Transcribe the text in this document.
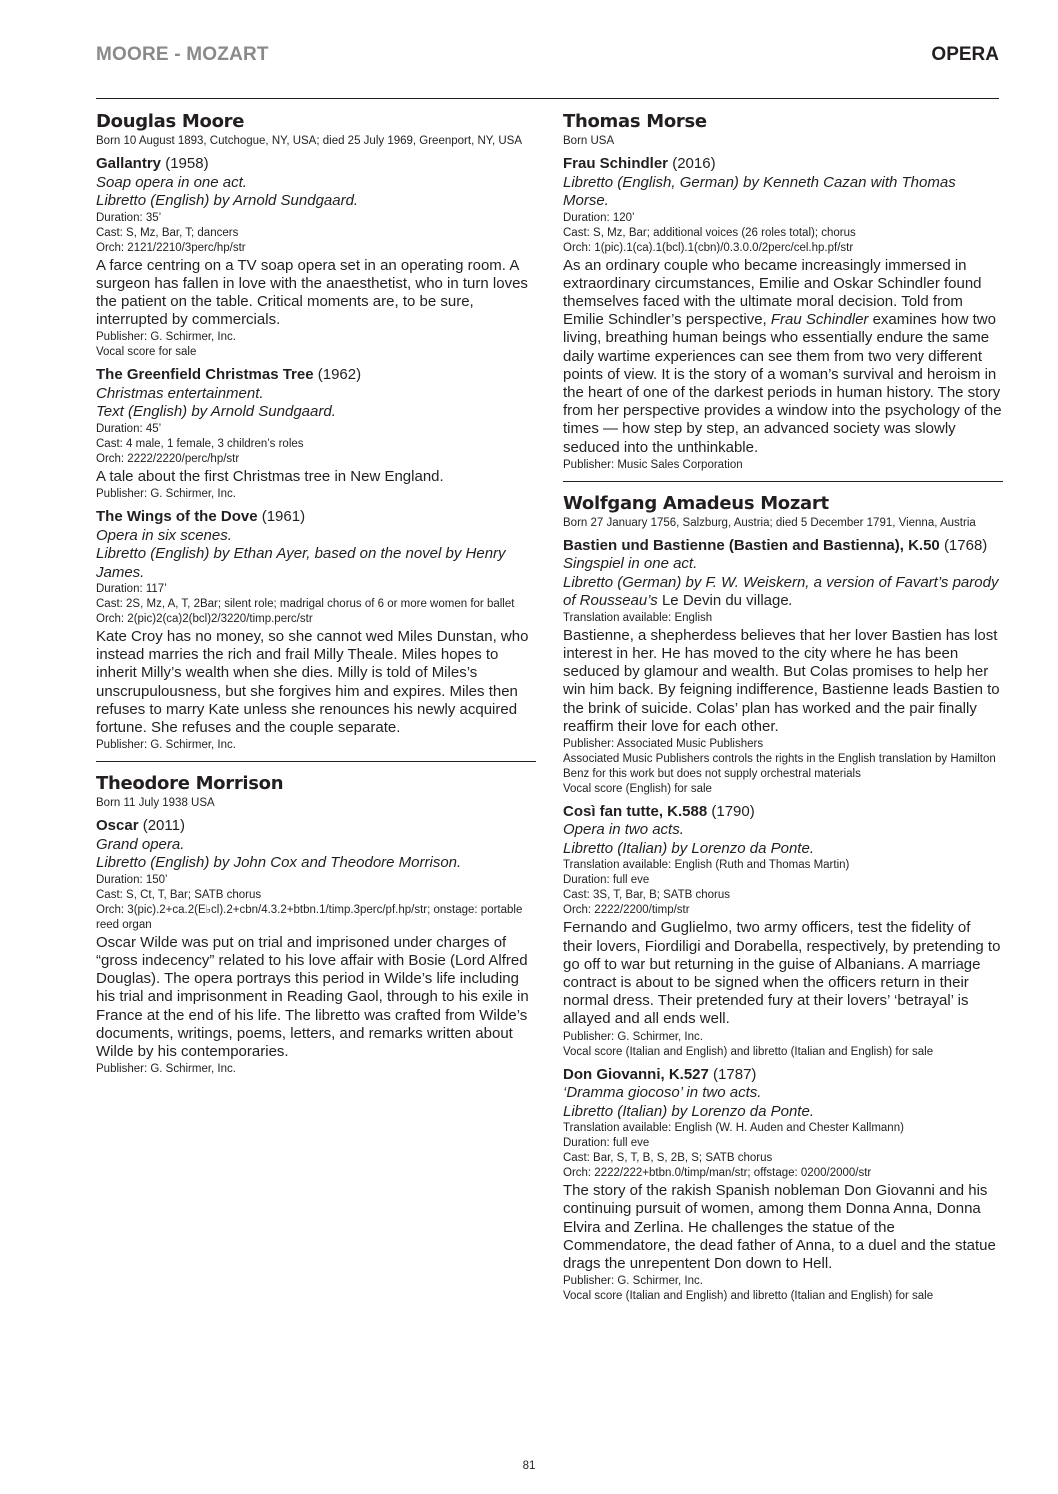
MOORE - MOZART	OPERA
Douglas Moore

Born 10 August 1893, Cutchogue, NY, USA; died 25 July 1969, Greenport, NY, USA

Gallantry (1958)

Soap opera in one act.

Libretto (English) by Arnold Sundgaard.

Duration: 35’

Cast: S, Mz, Bar, T; dancers

Orch: 2121/2210/3perc/hp/str

A farce centring on a TV soap opera set in an operating room. A surgeon has fallen in love with the anaesthetist, who in turn loves the patient on the table. Critical moments are, to be sure, interrupted by commercials.

Publisher: G. Schirmer, Inc.

Vocal score for sale

The Greenfield Christmas Tree (1962)

Christmas entertainment.

Text (English) by Arnold Sundgaard.

Duration: 45’

Cast: 4 male, 1 female, 3 children’s roles

Orch: 2222/2220/perc/hp/str

A tale about the first Christmas tree in New England.

Publisher: G. Schirmer, Inc.

The Wings of the Dove (1961)

Opera in six scenes.

Libretto (English) by Ethan Ayer, based on the novel by Henry James.

Duration: 117’

Cast: 2S, Mz, A, T, 2Bar; silent role; madrigal chorus of 6 or more women for ballet

Orch: 2(pic)2(ca)2(bcl)2/3220/timp.perc/str

Kate Croy has no money, so she cannot wed Miles Dunstan, who instead marries the rich and frail Milly Theale. Miles hopes to inherit Milly’s wealth when she dies. Milly is told of Miles’s unscrupulousness, but she forgives him and expires. Miles then refuses to marry Kate unless she renounces his newly acquired fortune. She refuses and the couple separate.

Publisher: G. Schirmer, Inc.

Theodore Morrison

Born 11 July 1938 USA

Oscar (2011)

Grand opera.

Libretto (English) by John Cox and Theodore Morrison.

Duration: 150’

Cast: S, Ct, T, Bar; SATB chorus

Orch: 3(pic).2+ca.2(E♭cl).2+cbn/4.3.2+btbn.1/timp.3perc/pf.hp/str; onstage: portable reed organ

Oscar Wilde was put on trial and imprisoned under charges of “gross indecency” related to his love affair with Bosie (Lord Alfred Douglas). The opera portrays this period in Wilde’s life including his trial and imprisonment in Reading Gaol, through to his exile in France at the end of his life. The libretto was crafted from Wilde’s documents, writings, poems, letters, and remarks written about Wilde by his contemporaries.

Publisher: G. Schirmer, Inc.

Thomas Morse

Born USA

Frau Schindler (2016)

Libretto (English, German) by Kenneth Cazan with Thomas Morse.

Duration: 120’

Cast: S, Mz, Bar; additional voices (26 roles total); chorus

Orch: 1(pic).1(ca).1(bcl).1(cbn)/0.3.0.0/2perc/cel.hp.pf/str

As an ordinary couple who became increasingly immersed in extraordinary circumstances, Emilie and Oskar Schindler found themselves faced with the ultimate moral decision. Told from Emilie Schindler’s perspective, Frau Schindler examines how two living, breathing human beings who essentially endure the same daily wartime experiences can see them from two very different points of view. It is the story of a woman’s survival and heroism in the heart of one of the darkest periods in human history. The story from her perspective provides a window into the psychology of the times — how step by step, an advanced society was slowly seduced into the unthinkable.

Publisher: Music Sales Corporation

Wolfgang Amadeus Mozart

Born 27 January 1756, Salzburg, Austria; died 5 December 1791, Vienna, Austria

Bastien und Bastienne (Bastien and Bastienna), K.50 (1768)

Singspiel in one act.

Libretto (German) by F. W. Weiskern, a version of Favart’s parody of Rousseau’s Le Devin du village.

Translation available: English

Bastienne, a shepherdess believes that her lover Bastien has lost interest in her. He has moved to the city where he has been seduced by glamour and wealth. But Colas promises to help her win him back. By feigning indifference, Bastienne leads Bastien to the brink of suicide. Colas’ plan has worked and the pair finally reaffirm their love for each other.

Publisher: Associated Music Publishers

Associated Music Publishers controls the rights in the English translation by Hamilton Benz for this work but does not supply orchestral materials

Vocal score (English) for sale

Così fan tutte, K.588 (1790)

Opera in two acts.

Libretto (Italian) by Lorenzo da Ponte.

Translation available: English (Ruth and Thomas Martin)

Duration: full eve

Cast: 3S, T, Bar, B; SATB chorus

Orch: 2222/2200/timp/str

Fernando and Guglielmo, two army officers, test the fidelity of their lovers, Fiordiligi and Dorabella, respectively, by pretending to go off to war but returning in the guise of Albanians. A marriage contract is about to be signed when the officers return in their normal dress. Their pretended fury at their lovers’ ‘betrayal’ is allayed and all ends well.

Publisher: G. Schirmer, Inc.

Vocal score (Italian and English) and libretto (Italian and English) for sale

Don Giovanni, K.527 (1787)

‘Dramma giocoso’ in two acts.

Libretto (Italian) by Lorenzo da Ponte.

Translation available: English (W. H. Auden and Chester Kallmann)

Duration: full eve

Cast: Bar, S, T, B, S, 2B, S; SATB chorus

Orch: 2222/222+btbn.0/timp/man/str; offstage: 0200/2000/str

The story of the rakish Spanish nobleman Don Giovanni and his continuing pursuit of women, among them Donna Anna, Donna Elvira and Zerlina. He challenges the statue of the Commendatore, the dead father of Anna, to a duel and the statue drags the unrepentent Don down to Hell.

Publisher: G. Schirmer, Inc.

Vocal score (Italian and English) and libretto (Italian and English) for sale

81
